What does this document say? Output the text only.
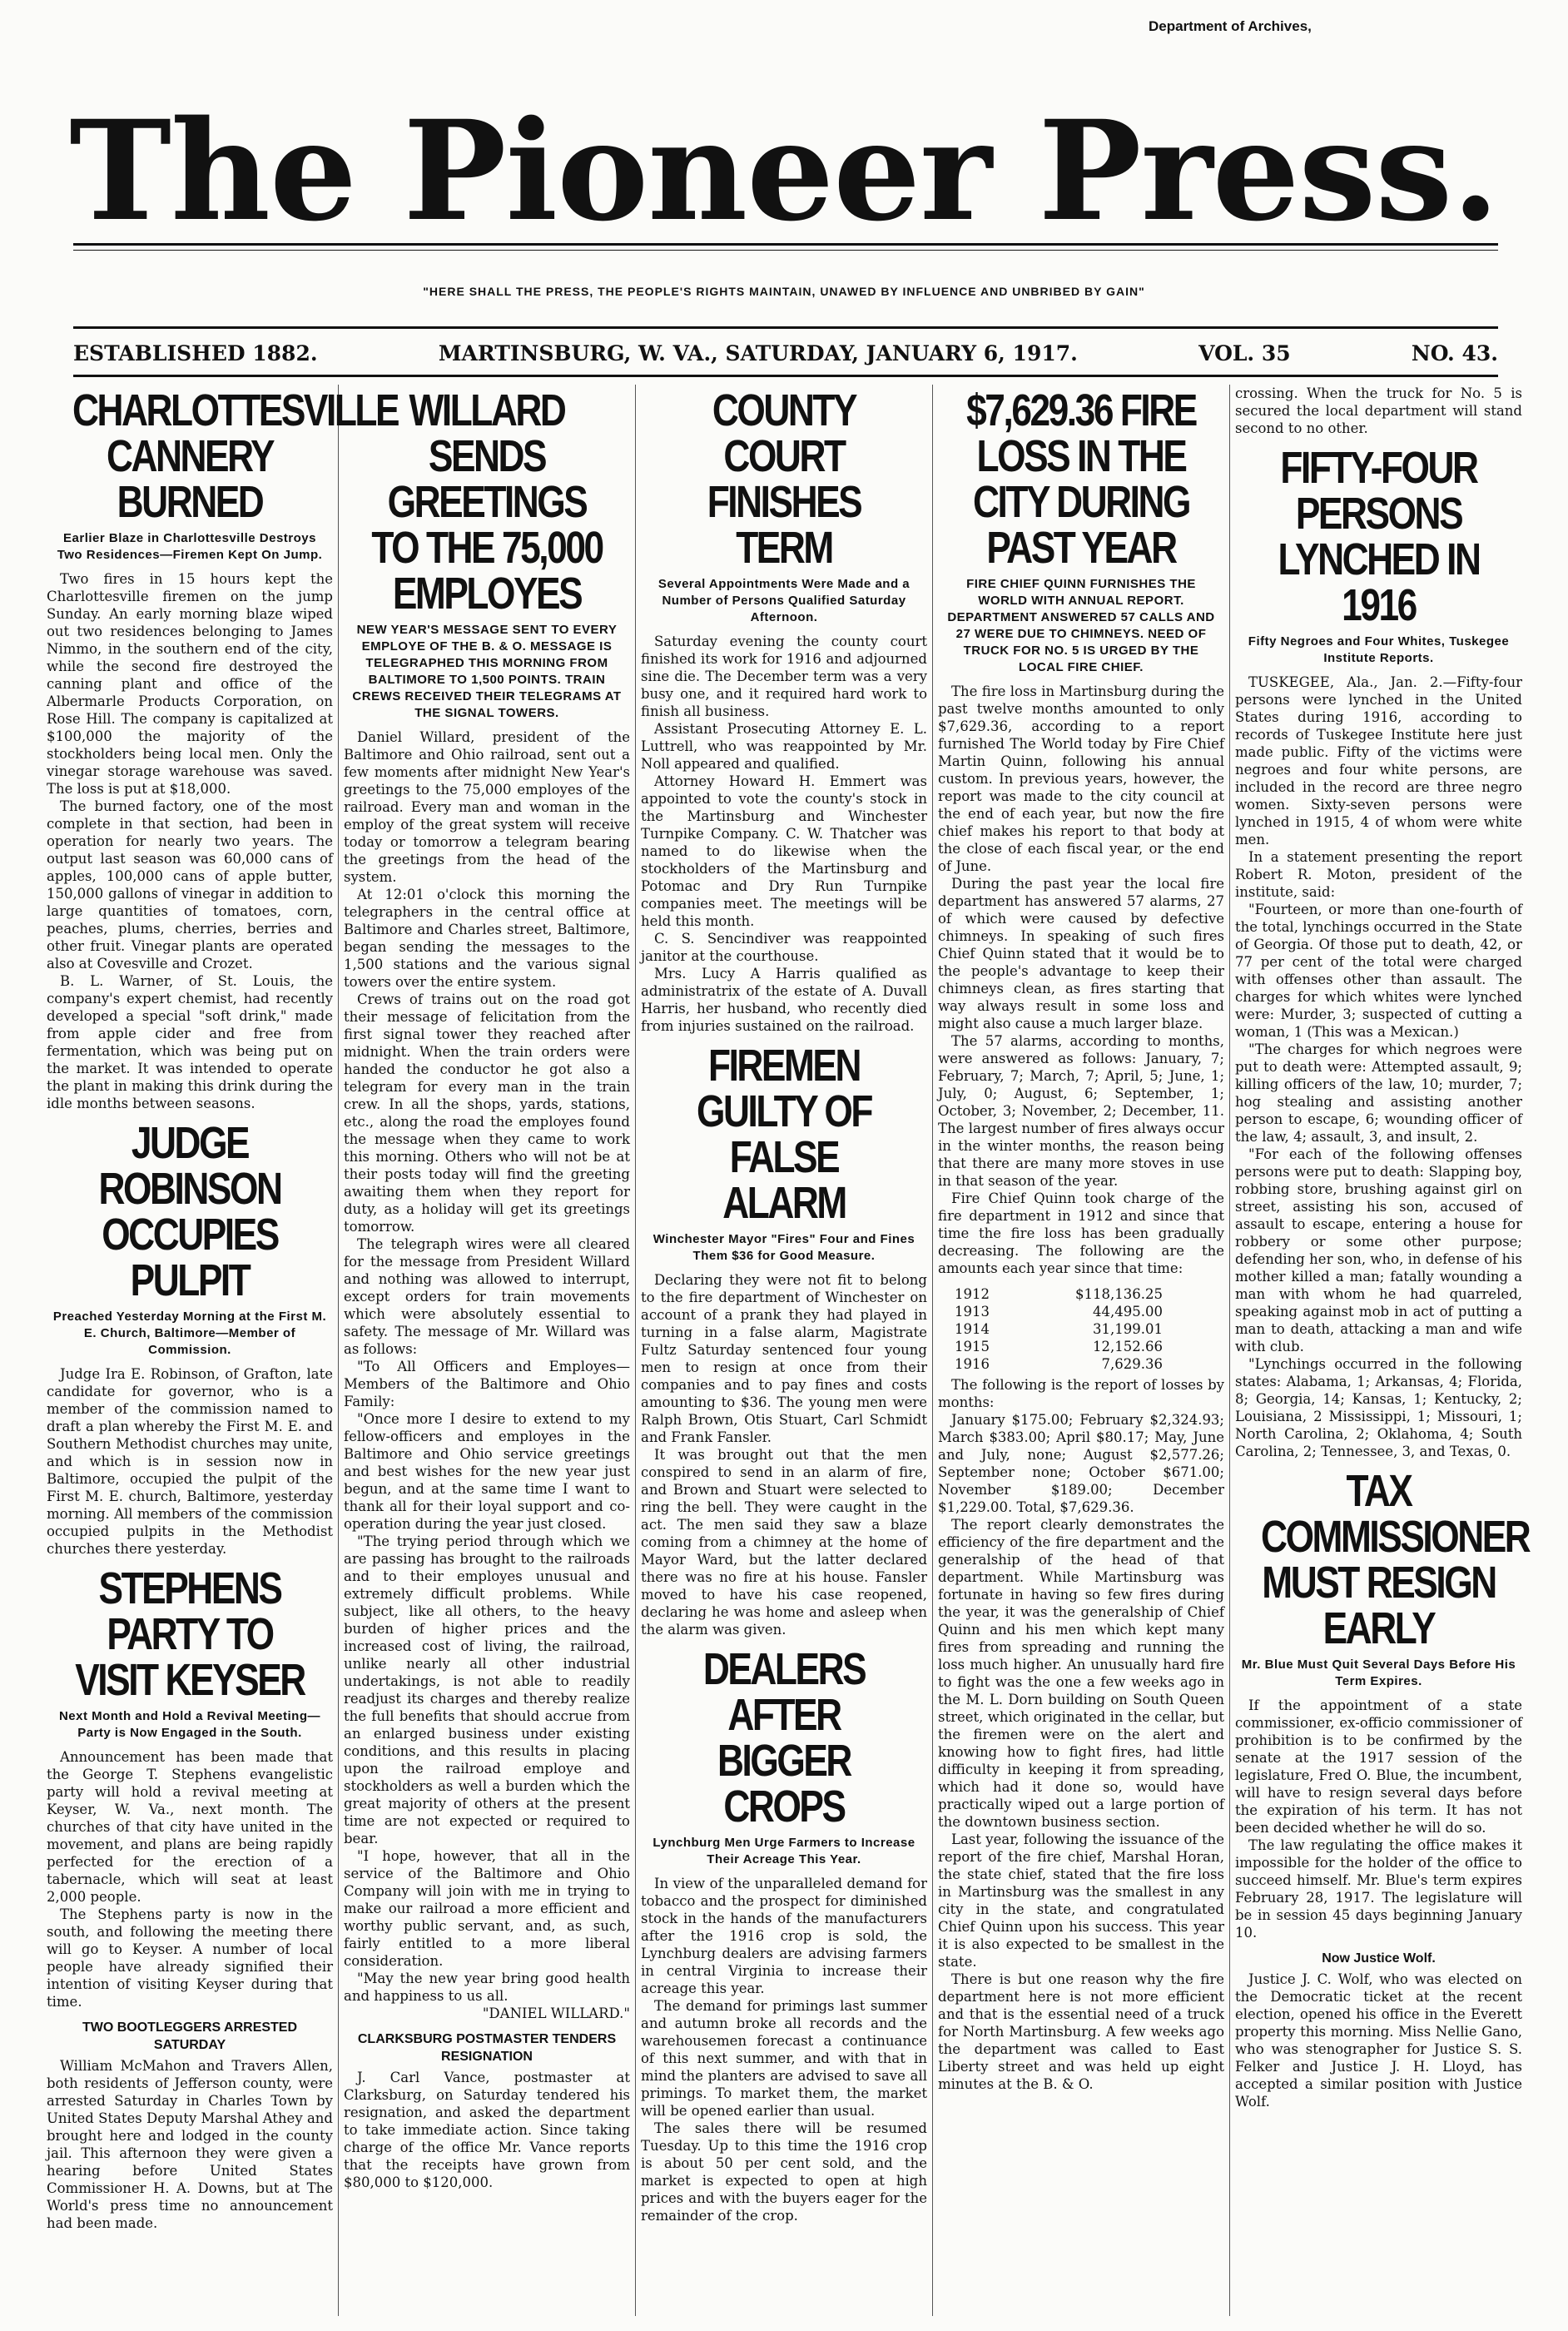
Department of Archives,
The Pioneer Press.
"HERE SHALL THE PRESS, THE PEOPLE'S RIGHTS MAINTAIN, UNAWED BY INFLUENCE AND UNBRIBED BY GAIN"
ESTABLISHED 1882.	MARTINSBURG, W. VA., SATURDAY, JANUARY 6, 1917.	VOL. 35	NO. 43.
CHARLOTTESVILLE CANNERY BURNED
Earlier Blaze in Charlottesville Destroys Two Residences—Firemen Kept On Jump.

Two fires in 15 hours kept the Charlottesville firemen on the jump Sunday. An early morning blaze wiped out two residences belonging to James Nimmo, in the southern end of the city, while the second fire destroyed the canning plant and office of the Albermarle Products Corporation, on Rose Hill. The company is capitalized at $100,000 the majority of the stockholders being local men. Only the vinegar storage warehouse was saved. The loss is put at $18,000.

The burned factory, one of the most complete in that section, had been in operation for nearly two years. The output last season was 60,000 cans of apples, 100,000 cans of apple butter, 150,000 gallons of vinegar in addition to large quantities of tomatoes, corn, peaches, plums, cherries, berries and other fruit. Vinegar plants are operated also at Covesville and Crozet.

B. L. Warner, of St. Louis, the company's expert chemist, had recently developed a special "soft drink," made from apple cider and free from fermentation, which was being put on the market. It was intended to operate the plant in making this drink during the idle months between seasons.

JUDGE ROBINSON OCCUPIES PULPIT
Preached Yesterday Morning at the First M. E. Church, Baltimore—Member of Commission.

Judge Ira E. Robinson, of Grafton, late candidate for governor, who is a member of the commission named to draft a plan whereby the First M. E. and Southern Methodist churches may unite, and which is in session now in Baltimore, occupied the pulpit of the First M. E. church, Baltimore, yesterday morning. All members of the commission occupied pulpits in the Methodist churches there yesterday.

STEPHENS PARTY TO VISIT KEYSER
Next Month and Hold a Revival Meeting—Party is Now Engaged in the South.

Announcement has been made that the George T. Stephens evangelistic party will hold a revival meeting at Keyser, W. Va., next month. The churches of that city have united in the movement, and plans are being rapidly perfected for the erection of a tabernacle, which will seat at least 2,000 people.

The Stephens party is now in the south, and following the meeting there will go to Keyser. A number of local people have already signified their intention of visiting Keyser during that time.

TWO BOOTLEGGERS ARRESTED SATURDAY

William McMahon and Travers Allen, both residents of Jefferson county, were arrested Saturday in Charles Town by United States Deputy Marshal Athey and brought here and lodged in the county jail. This afternoon they were given a hearing before United States Commissioner H. A. Downs, but at The World's press time no announcement had been made.

WILLARD SENDS GREETINGS TO THE 75,000 EMPLOYES
NEW YEAR'S MESSAGE SENT TO EVERY EMPLOYE OF THE B. & O. MESSAGE IS TELEGRAPHED THIS MORNING FROM BALTIMORE TO 1,500 POINTS. TRAIN CREWS RECEIVED THEIR TELEGRAMS AT THE SIGNAL TOWERS.

Daniel Willard, president of the Baltimore and Ohio railroad, sent out a few moments after midnight New Year's greetings to the 75,000 employes of the railroad. Every man and woman in the employ of the great system will receive today or tomorrow a telegram bearing the greetings from the head of the system.

At 12:01 o'clock this morning the telegraphers in the central office at Baltimore and Charles street, Baltimore, began sending the messages to the 1,500 stations and the various signal towers over the entire system.

Crews of trains out on the road got their message of felicitation from the first signal tower they reached after midnight. When the train orders were handed the conductor he got also a telegram for every man in the train crew. In all the shops, yards, stations, etc., along the road the employes found the message when they came to work this morning. Others who will not be at their posts today will find the greeting awaiting them when they report for duty, as a holiday will get its greetings tomorrow.

The telegraph wires were all cleared for the message from President Willard and nothing was allowed to interrupt, except orders for train movements which were absolutely essential to safety. The message of Mr. Willard was as follows:

"To All Officers and Employes—Members of the Baltimore and Ohio Family:

"Once more I desire to extend to my fellow-officers and employes in the Baltimore and Ohio service greetings and best wishes for the new year just begun, and at the same time I want to thank all for their loyal support and co-operation during the year just closed.

"The trying period through which we are passing has brought to the railroads and to their employes unusual and extremely difficult problems. While subject, like all others, to the heavy burden of higher prices and the increased cost of living, the railroad, unlike nearly all other industrial undertakings, is not able to readily readjust its charges and thereby realize the full benefits that should accrue from an enlarged business under existing conditions, and this results in placing upon the railroad employe and stockholders as well a burden which the great majority of others at the present time are not expected or required to bear.

"I hope, however, that all in the service of the Baltimore and Ohio Company will join with me in trying to make our railroad a more efficient and worthy public servant, and, as such, fairly entitled to a more liberal consideration.

"May the new year bring good health and happiness to us all.

"DANIEL WILLARD."

CLARKSBURG POSTMASTER TENDERS RESIGNATION

J. Carl Vance, postmaster at Clarksburg, on Saturday tendered his resignation, and asked the department to take immediate action. Since taking charge of the office Mr. Vance reports that the receipts have grown from $80,000 to $120,000.

COUNTY COURT FINISHES TERM
Several Appointments Were Made and a Number of Persons Qualified Saturday Afternoon.

Saturday evening the county court finished its work for 1916 and adjourned sine die. The December term was a very busy one, and it required hard work to finish all business.

Assistant Prosecuting Attorney E. L. Luttrell, who was reappointed by Mr. Noll appeared and qualified.

Attorney Howard H. Emmert was appointed to vote the county's stock in the Martinsburg and Winchester Turnpike Company. C. W. Thatcher was named to do likewise when the stockholders of the Martinsburg and Potomac and Dry Run Turnpike companies meet. The meetings will be held this month.

C. S. Sencindiver was reappointed janitor at the courthouse.

Mrs. Lucy A Harris qualified as administratrix of the estate of A. Duvall Harris, her husband, who recently died from injuries sustained on the railroad.

FIREMEN GUILTY OF FALSE ALARM
Winchester Mayor "Fires" Four and Fines Them $36 for Good Measure.

Declaring they were not fit to belong to the fire department of Winchester on account of a prank they had played in turning in a false alarm, Magistrate Fultz Saturday sentenced four young men to resign at once from their companies and to pay fines and costs amounting to $36. The young men were Ralph Brown, Otis Stuart, Carl Schmidt and Frank Fansler.

It was brought out that the men conspired to send in an alarm of fire, and Brown and Stuart were selected to ring the bell. They were caught in the act. The men said they saw a blaze coming from a chimney at the home of Mayor Ward, but the latter declared there was no fire at his house. Fansler moved to have his case reopened, declaring he was home and asleep when the alarm was given.

DEALERS AFTER BIGGER CROPS
Lynchburg Men Urge Farmers to Increase Their Acreage This Year.

In view of the unparalleled demand for tobacco and the prospect for diminished stock in the hands of the manufacturers after the 1916 crop is sold, the Lynchburg dealers are advising farmers in central Virginia to increase their acreage this year.

The demand for primings last summer and autumn broke all records and the warehousemen forecast a continuance of this next summer, and with that in mind the planters are advised to save all primings. To market them, the market will be opened earlier than usual.

The sales there will be resumed Tuesday. Up to this time the 1916 crop is about 50 per cent sold, and the market is expected to open at high prices and with the buyers eager for the remainder of the crop.

$7,629.36 FIRE LOSS IN THE CITY DURING PAST YEAR
FIRE CHIEF QUINN FURNISHES THE WORLD WITH ANNUAL REPORT. DEPARTMENT ANSWERED 57 CALLS AND 27 WERE DUE TO CHIMNEYS. NEED OF TRUCK FOR NO. 5 IS URGED BY THE LOCAL FIRE CHIEF.

The fire loss in Martinsburg during the past twelve months amounted to only $7,629.36, according to a report furnished The World today by Fire Chief Martin Quinn, following his annual custom. In previous years, however, the report was made to the city council at the end of each year, but now the fire chief makes his report to that body at the close of each fiscal year, or the end of June.

During the past year the local fire department has answered 57 alarms, 27 of which were caused by defective chimneys. In speaking of such fires Chief Quinn stated that it would be to the people's advantage to keep their chimneys clean, as fires starting that way always result in some loss and might also cause a much larger blaze.

The 57 alarms, according to months, were answered as follows: January, 7; February, 7; March, 7; April, 5; June, 1; July, 0; August, 6; September, 1; October, 3; November, 2; December, 11. The largest number of fires always occur in the winter months, the reason being that there are many more stoves in use in that season of the year.

Fire Chief Quinn took charge of the fire department in 1912 and since that time the fire loss has been gradually decreasing. The following are the amounts each year since that time:

1912	$118,136.25
1913	44,495.00
1914	31,199.01
1915	12,152.66
1916	7,629.36

The following is the report of losses by months:

January $175.00; February $2,324.93; March $383.00; April $80.17; May, June and July, none; August $2,577.26; September none; October $671.00; November $189.00; December $1,229.00. Total, $7,629.36.

The report clearly demonstrates the efficiency of the fire department and the generalship of the head of that department. While Martinsburg was fortunate in having so few fires during the year, it was the generalship of Chief Quinn and his men which kept many fires from spreading and running the loss much higher. An unusually hard fire to fight was the one a few weeks ago in the M. L. Dorn building on South Queen street, which originated in the cellar, but the firemen were on the alert and knowing how to fight fires, had little difficulty in keeping it from spreading, which had it done so, would have practically wiped out a large portion of the downtown business section.

Last year, following the issuance of the report of the fire chief, Marshal Horan, the state chief, stated that the fire loss in Martinsburg was the smallest in any city in the state, and congratulated Chief Quinn upon his success. This year it is also expected to be smallest in the state.

There is but one reason why the fire department here is not more efficient and that is the essential need of a truck for North Martinsburg. A few weeks ago the department was called to East Liberty street and was held up eight minutes at the B. & O.

crossing. When the truck for No. 5 is secured the local department will stand second to no other.

FIFTY-FOUR PERSONS LYNCHED IN 1916
Fifty Negroes and Four Whites, Tuskegee Institute Reports.

TUSKEGEE, Ala., Jan. 2.—Fifty-four persons were lynched in the United States during 1916, according to records of Tuskegee Institute here just made public. Fifty of the victims were negroes and four white persons, are included in the record are three negro women. Sixty-seven persons were lynched in 1915, 4 of whom were white men.

In a statement presenting the report Robert R. Moton, president of the institute, said:

"Fourteen, or more than one-fourth of the total, lynchings occurred in the State of Georgia. Of those put to death, 42, or 77 per cent of the total were charged with offenses other than assault. The charges for which whites were lynched were: Murder, 3; suspected of cutting a woman, 1 (This was a Mexican.)

"The charges for which negroes were put to death were: Attempted assault, 9; killing officers of the law, 10; murder, 7; hog stealing and assisting another person to escape, 6; wounding officer of the law, 4; assault, 3, and insult, 2.

"For each of the following offenses persons were put to death: Slapping boy, robbing store, brushing against girl on street, assisting his son, accused of assault to escape, entering a house for robbery or some other purpose; defending her son, who, in defense of his mother killed a man; fatally wounding a man with whom he had quarreled, speaking against mob in act of putting a man to death, attacking a man and wife with club.

"Lynchings occurred in the following states: Alabama, 1; Arkansas, 4; Florida, 8; Georgia, 14; Kansas, 1; Kentucky, 2; Louisiana, 2 Mississippi, 1; Missouri, 1; North Carolina, 2; Oklahoma, 4; South Carolina, 2; Tennessee, 3, and Texas, 0.

TAX COMMISSIONER MUST RESIGN EARLY
Mr. Blue Must Quit Several Days Before His Term Expires.

If the appointment of a state commissioner, ex-officio commissioner of prohibition is to be confirmed by the senate at the 1917 session of the legislature, Fred O. Blue, the incumbent, will have to resign several days before the expiration of his term. It has not been decided whether he will do so.

The law regulating the office makes it impossible for the holder of the office to succeed himself. Mr. Blue's term expires February 28, 1917. The legislature will be in session 45 days beginning January 10.

Now Justice Wolf.

Justice J. C. Wolf, who was elected on the Democratic ticket at the recent election, opened his office in the Everett property this morning. Miss Nellie Gano, who was stenographer for Justice S. S. Felker and Justice J. H. Lloyd, has accepted a similar position with Justice Wolf.
